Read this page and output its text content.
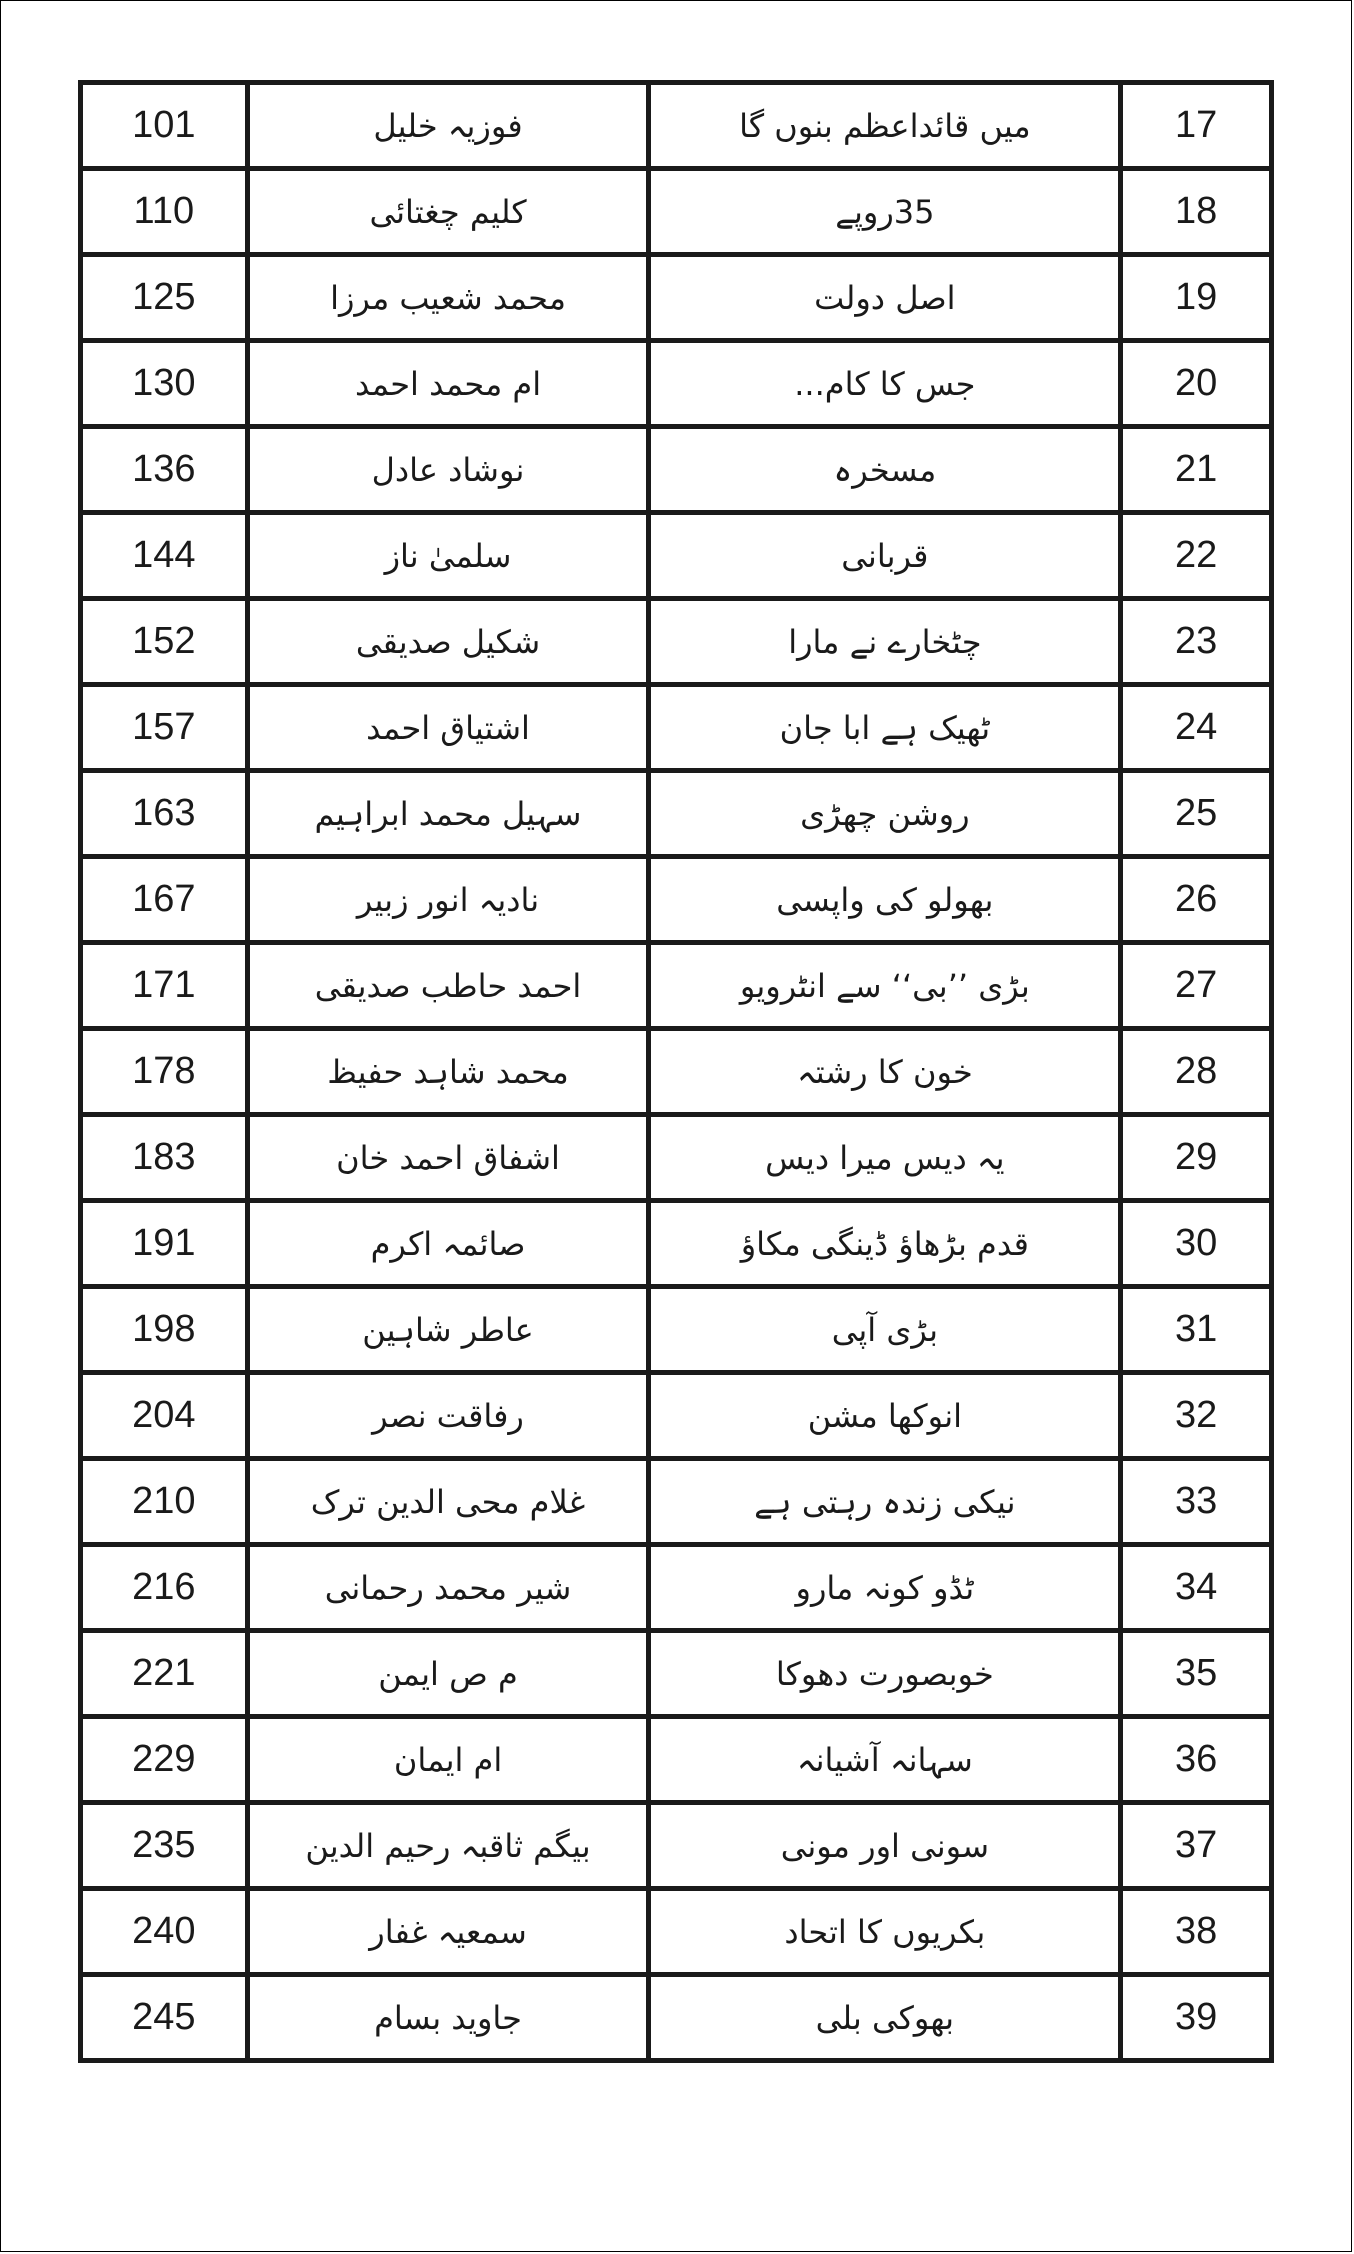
101	فوزیہ خلیل	میں قائداعظم بنوں گا	17
110	کلیم چغتائی	35روپے	18
125	محمد شعیب مرزا	اصل دولت	19
130	ام محمد احمد	جس کا کام...	20
136	نوشاد عادل	مسخرہ	21
144	سلمیٰ ناز	قربانی	22
152	شکیل صدیقی	چٹخارے نے مارا	23
157	اشتیاق احمد	ٹھیک ہے ابا جان	24
163	سہیل محمد ابراہیم	روشن چھڑی	25
167	نادیہ انور زبیر	بھولو کی واپسی	26
171	احمد حاطب صدیقی	بڑی ’’بی‘‘ سے انٹرویو	27
178	محمد شاہد حفیظ	خون کا رشتہ	28
183	اشفاق احمد خان	یہ دیس میرا دیس	29
191	صائمہ اکرم	قدم بڑھاؤ ڈینگی مکاؤ	30
198	عاطر شاہین	بڑی آپی	31
204	رفاقت نصر	انوکھا مشن	32
210	غلام محی الدین ترک	نیکی زندہ رہتی ہے	33
216	شیر محمد رحمانی	ٹڈو کونہ مارو	34
221	م ص ایمن	خوبصورت دھوکا	35
229	ام ایمان	سہانہ آشیانہ	36
235	بیگم ثاقبہ رحیم الدین	سونی اور مونی	37
240	سمعیہ غفار	بکریوں کا اتحاد	38
245	جاوید بسام	بھوکی بلی	39
